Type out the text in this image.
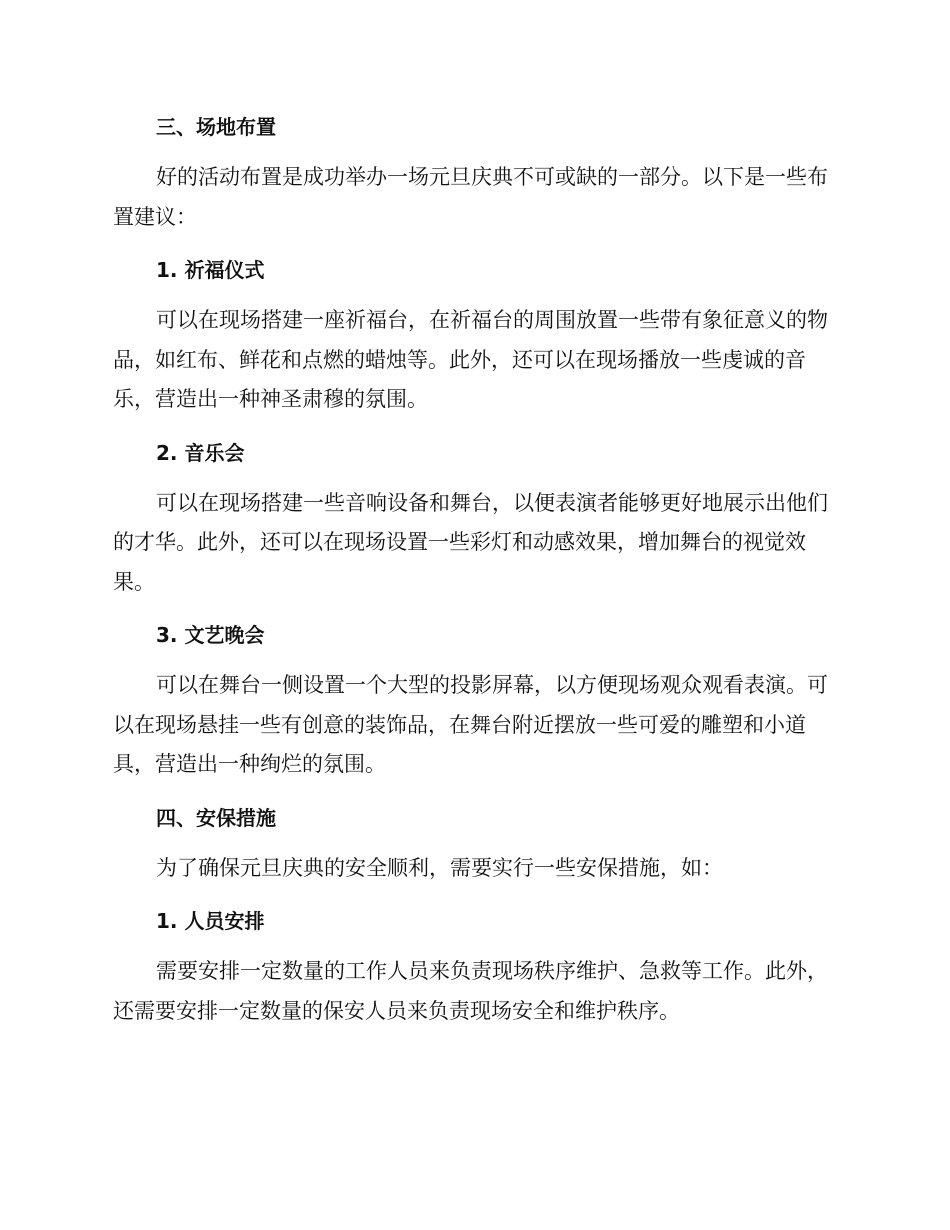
三、场地布置

好的活动布置是成功举办一场元旦庆典不可或缺的一部分。以下是一些布置建议：

1. 祈福仪式

可以在现场搭建一座祈福台，在祈福台的周围放置一些带有象征意义的物品，如红布、鲜花和点燃的蜡烛等。此外，还可以在现场播放一些虔诚的音乐，营造出一种神圣肃穆的氛围。

2. 音乐会

可以在现场搭建一些音响设备和舞台，以便表演者能够更好地展示出他们的才华。此外，还可以在现场设置一些彩灯和动感效果，增加舞台的视觉效果。

3. 文艺晚会

可以在舞台一侧设置一个大型的投影屏幕，以方便现场观众观看表演。可以在现场悬挂一些有创意的装饰品，在舞台附近摆放一些可爱的雕塑和小道具，营造出一种绚烂的氛围。

四、安保措施

为了确保元旦庆典的安全顺利，需要实行一些安保措施，如：

1. 人员安排

需要安排一定数量的工作人员来负责现场秩序维护、急救等工作。此外，还需要安排一定数量的保安人员来负责现场安全和维护秩序。
